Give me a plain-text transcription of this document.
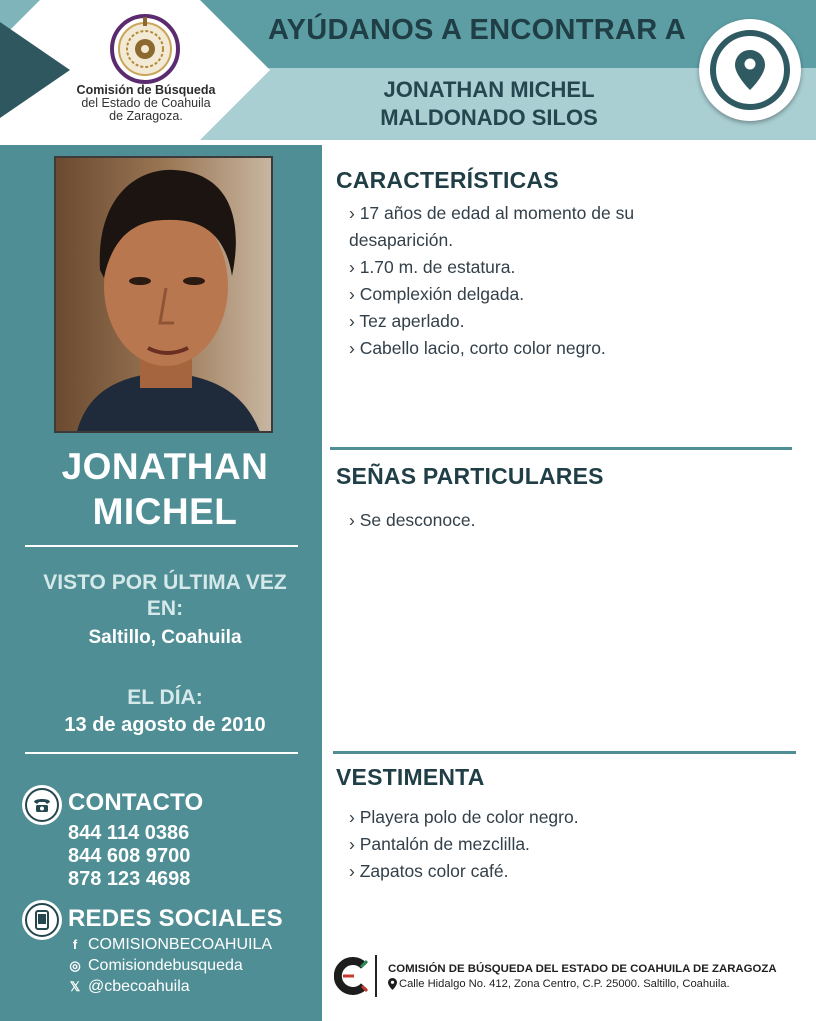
Comisión de Búsqueda
del Estado de Coahuila
de Zaragoza.
AYÚDANOS A ENCONTRAR A
JONATHAN MICHEL
MALDONADO SILOS
JONATHAN
MICHEL
VISTO POR ÚLTIMA VEZ
EN:
Saltillo, Coahuila
EL DÍA:
13 de agosto de 2010
CONTACTO
844 114 0386
844 608 9700
878 123 4698
REDES SOCIALES
f COMISIONBECOAHUILA
◎ Comisiondebusqueda
𝕏 @cbecoahuila
CARACTERÍSTICAS
› 17 años de edad al momento de su
desaparición.
› 1.70 m. de estatura.
› Complexión delgada.
› Tez aperlado.
› Cabello lacio, corto color negro.
SEÑAS PARTICULARES
› Se desconoce.
VESTIMENTA
› Playera polo de color negro.
› Pantalón de mezclilla.
› Zapatos color café.
COMISIÓN DE BÚSQUEDA DEL ESTADO DE COAHUILA DE ZARAGOZA
Calle Hidalgo No. 412, Zona Centro, C.P. 25000. Saltillo, Coahuila.
